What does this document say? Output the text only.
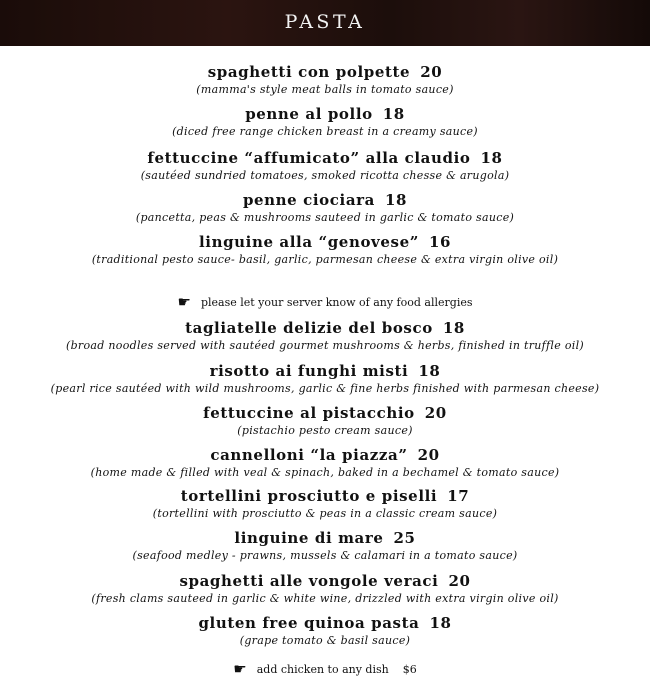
PASTA
spaghetti con polpette 20
(mamma's style meat balls in tomato sauce)
penne al pollo 18
(diced free range chicken breast in a creamy sauce)
fettuccine “affumicato” alla claudio 18
(sautéed sundried tomatoes, smoked ricotta chesse & arugola)
penne ciociara 18
(pancetta, peas & mushrooms sauteed in garlic & tomato sauce)
linguine alla “genovese” 16
(traditional pesto sauce- basil, garlic, parmesan cheese & extra virgin olive oil)
☛ please let your server know of any food allergies
tagliatelle delizie del bosco 18
(broad noodles served with sautéed gourmet mushrooms & herbs, finished in truffle oil)
risotto ai funghi misti 18
(pearl rice sautéed with wild mushrooms, garlic & fine herbs finished with parmesan cheese)
fettuccine al pistacchio 20
(pistachio pesto cream sauce)
cannelloni “la piazza” 20
(home made & filled with veal & spinach, baked in a bechamel & tomato sauce)
tortellini prosciutto e piselli 17
(tortellini with prosciutto & peas in a classic cream sauce)
linguine di mare 25
(seafood medley - prawns, mussels & calamari in a tomato sauce)
spaghetti alle vongole veraci 20
(fresh clams sauteed in garlic & white wine, drizzled with extra virgin olive oil)
gluten free quinoa pasta 18
(grape tomato & basil sauce)
☛ add chicken to any dish $6
